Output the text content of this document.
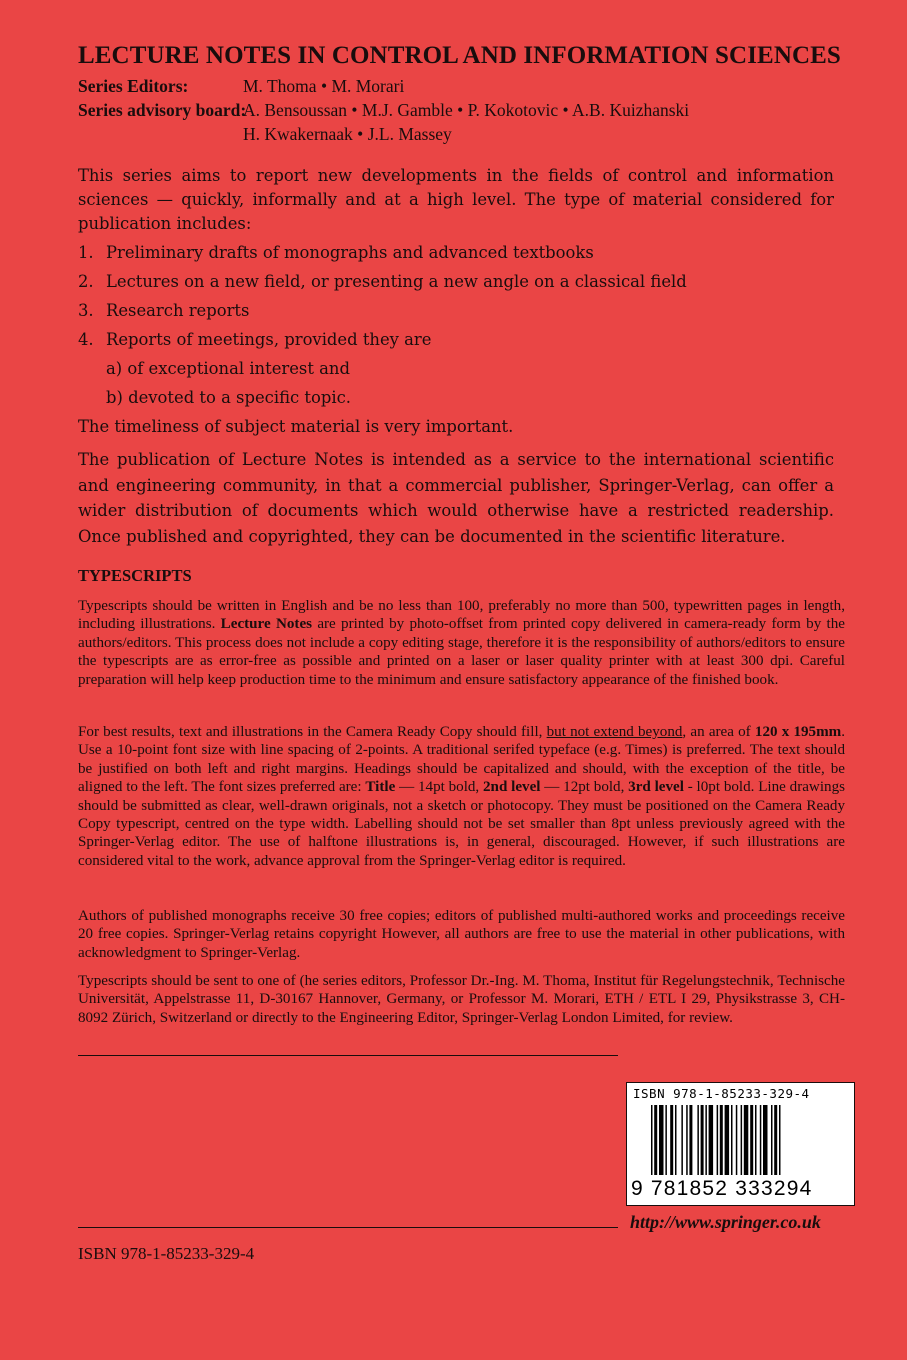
LECTURE NOTES IN CONTROL AND INFORMATION SCIENCES
Series Editors:	M. Thoma • M. Morari
Series advisory board:
A. Bensoussan • M.J. Gamble • P. Kokotovic • A.B. Kuizhanski
H. Kwakernaak • J.L. Massey
This series aims to report new developments in the fields of control and information sciences — quickly, informally and at a high level. The type of material considered for publication includes:
1. Preliminary drafts of monographs and advanced textbooks
2. Lectures on a new field, or presenting a new angle on a classical field
3. Research reports
4. Reports of meetings, provided they are
a) of exceptional interest and
b) devoted to a specific topic.
The timeliness of subject material is very important.
The publication of Lecture Notes is intended as a service to the international scientific and engineering community, in that a commercial publisher, Springer-Verlag, can offer a wider distribution of documents which would otherwise have a restricted readership. Once published and copyrighted, they can be documented in the scientific literature.
TYPESCRIPTS
Typescripts should be written in English and be no less than 100, preferably no more than 500, typewritten pages in length, including illustrations. Lecture Notes are printed by photo-offset from printed copy delivered in camera-ready form by the authors/editors. This process does not include a copy editing stage, therefore it is the responsibility of authors/editors to ensure the typescripts are as error-free as possible and printed on a laser or laser quality printer with at least 300 dpi. Careful preparation will help keep production time to the minimum and ensure satisfactory appearance of the finished book.
For best results, text and illustrations in the Camera Ready Copy should fill, but not extend beyond, an area of 120 x 195mm. Use a 10-point font size with line spacing of 2-points. A traditional serifed typeface (e.g. Times) is preferred. The text should be justified on both left and right margins. Headings should be capitalized and should, with the exception of the title, be aligned to the left. The font sizes preferred are: Title — 14pt bold, 2nd level — 12pt bold, 3rd level - l0pt bold. Line drawings should be submitted as clear, well-drawn originals, not a sketch or photocopy. They must be positioned on the Camera Ready Copy typescript, centred on the type width. Labelling should not be set smaller than 8pt unless previously agreed with the Springer-Verlag editor. The use of halftone illustrations is, in general, discouraged. However, if such illustrations are considered vital to the work, advance approval from the Springer-Verlag editor is required.
Authors of published monographs receive 30 free copies; editors of published multi-authored works and proceedings receive 20 free copies. Springer-Verlag retains copyright However, all authors are free to use the material in other publications, with acknowledgment to Springer-Verlag.
Typescripts should be sent to one of (he series editors, Professor Dr.-Ing. M. Thoma, Institut für Regelungstechnik, Technische Universität, Appelstrasse 11, D-30167 Hannover, Germany, or Professor M. Morari, ETH / ETL I 29, Physikstrasse 3, CH-8092 Zürich, Switzerland or directly to the Engineering Editor, Springer-Verlag London Limited, for review.
ISBN 978-1-85233-329-4
9 781852 333294
http://www.springer.co.uk
ISBN 978-1-85233-329-4
